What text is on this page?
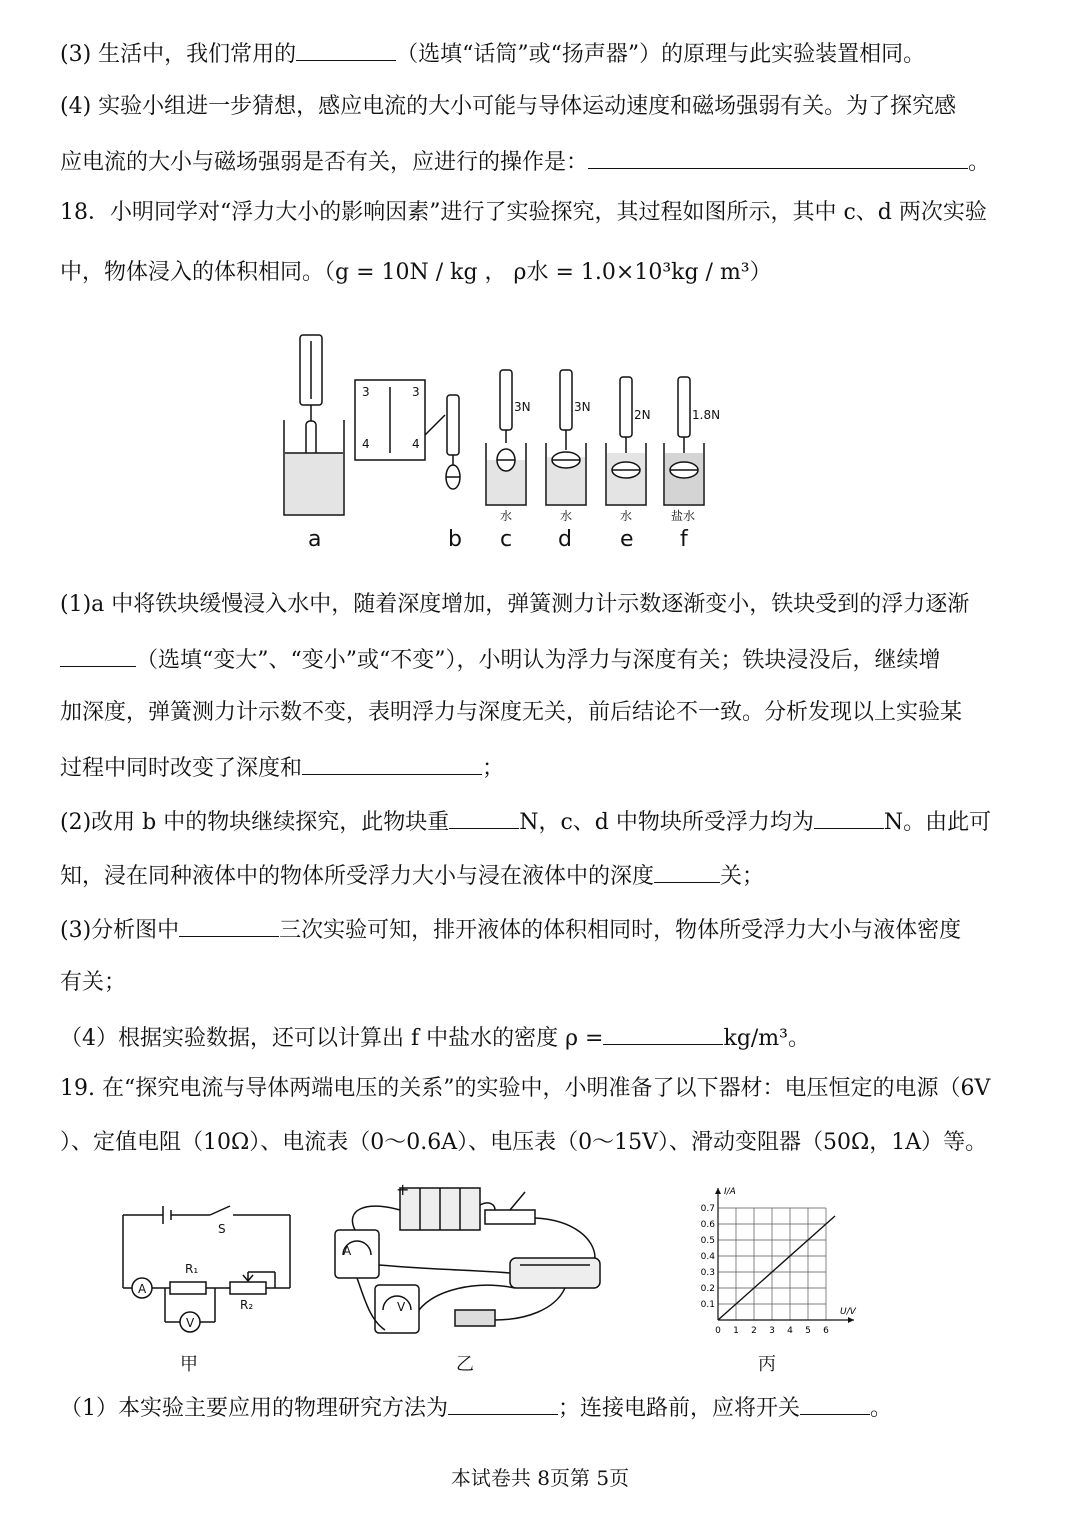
(3) 生活中，我们常用的	（选填“话筒”或“扬声器”）的原理与此实验装置相同。
(4) 实验小组进一步猜想，感应电流的大小可能与导体运动速度和磁场强弱有关。为了探究感
应电流的大小与磁场强弱是否有关，应进行的操作是：	。
18．小明同学对“浮力大小的影响因素”进行了实验探究，其过程如图所示，其中 c、d 两次实验
中，物体浸入的体积相同。（g = 10N / kg ， ρ水 = 1.0×10³kg / m³）
3
4
3
4
3N	3N
2N	1.8N
水	水	水	盐水
a	b c d e f
(1)a 中将铁块缓慢浸入水中，随着深度增加，弹簧测力计示数逐渐变小，铁块受到的浮力逐渐
（选填“变大”、“变小”或“不变”），小明认为浮力与深度有关；铁块浸没后，继续增
加深度，弹簧测力计示数不变，表明浮力与深度无关，前后结论不一致。分析发现以上实验某
过程中同时改变了深度和	；
(2)改用 b 中的物块继续探究，此物块重	N，c、d 中物块所受浮力均为	N。由此可
知，浸在同种液体中的物体所受浮力大小与浸在液体中的深度	关；
(3)分析图中	三次实验可知，排开液体的体积相同时，物体所受浮力大小与液体密度
有关；
（4）根据实验数据，还可以计算出 f 中盐水的密度 ρ =	kg/m³。
19. 在“探究电流与导体两端电压的关系”的实验中，小明准备了以下器材：电压恒定的电源（6V
）、定值电阻（10Ω）、电流表（0～0.6A）、电压表（0～15V）、滑动变阻器（50Ω，1A）等。
A
V
S
R₁
R₂
甲
+
A
V
乙
0 1 2 3 4 5 6
0.1
0.2
0.3
0.4
0.5
0.6
0.7
I/A
U/V
丙
（1）本实验主要应用的物理研究方法为	；连接电路前，应将开关	。
本试卷共 8页第 5页
